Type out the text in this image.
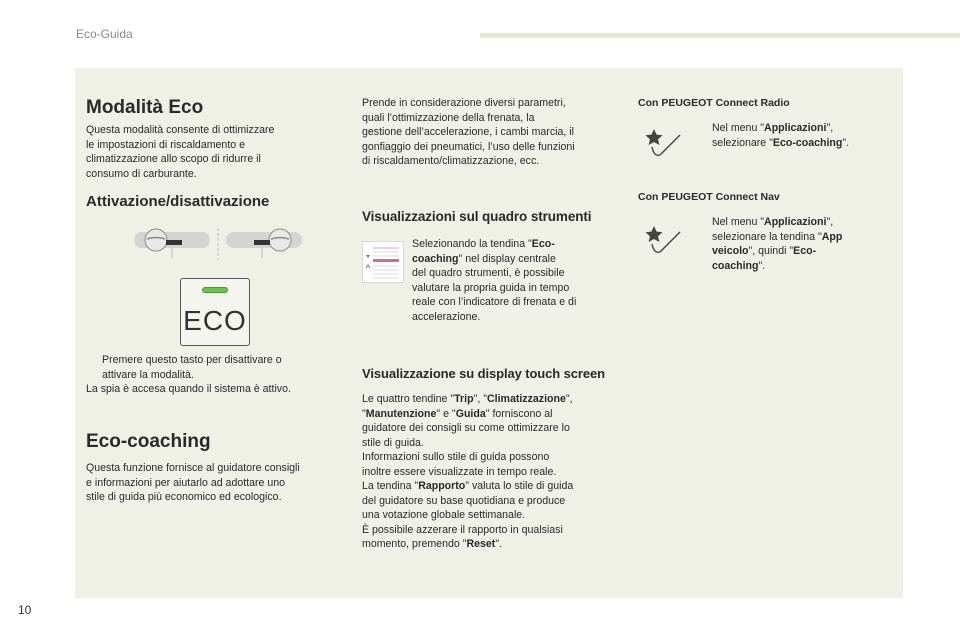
Eco-Guida
Modalità Eco
Questa modalità consente di ottimizzare
le impostazioni di riscaldamento e
climatizzazione allo scopo di ridurre il
consumo di carburante.
Attivazione/disattivazione
ECO
Premere questo tasto per disattivare o
attivare la modalità.
La spia è accesa quando il sistema è attivo.
Eco-coaching
Questa funzione fornisce al guidatore consigli
e informazioni per aiutarlo ad adottare uno
stile di guida più economico ed ecologico.
Prende in considerazione diversi parametri,
quali l’ottimizzazione della frenata, la
gestione dell’accelerazione, i cambi marcia, il
gonfiaggio dei pneumatici, l’uso delle funzioni
di riscaldamento/climatizzazione, ecc.
Visualizzazioni sul quadro strumenti
Selezionando la tendina "Eco-
coaching" nel display centrale
del quadro strumenti, è possibile
valutare la propria guida in tempo
reale con l’indicatore di frenata e di
accelerazione.
Visualizzazione su display touch screen
Le quattro tendine "Trip", "Climatizzazione",
"Manutenzione" e "Guida" forniscono al
guidatore dei consigli su come ottimizzare lo
stile di guida.
Informazioni sullo stile di guida possono
inoltre essere visualizzate in tempo reale.
La tendina "Rapporto" valuta lo stile di guida
del guidatore su base quotidiana e produce
una votazione globale settimanale.
È possibile azzerare il rapporto in qualsiasi
momento, premendo "Reset".
Con PEUGEOT Connect Radio
Nel menu "Applicazioni",
selezionare "Eco-coaching".
Con PEUGEOT Connect Nav
Nel menu "Applicazioni",
selezionare la tendina "App
veicolo", quindi "Eco-
coaching".
10
